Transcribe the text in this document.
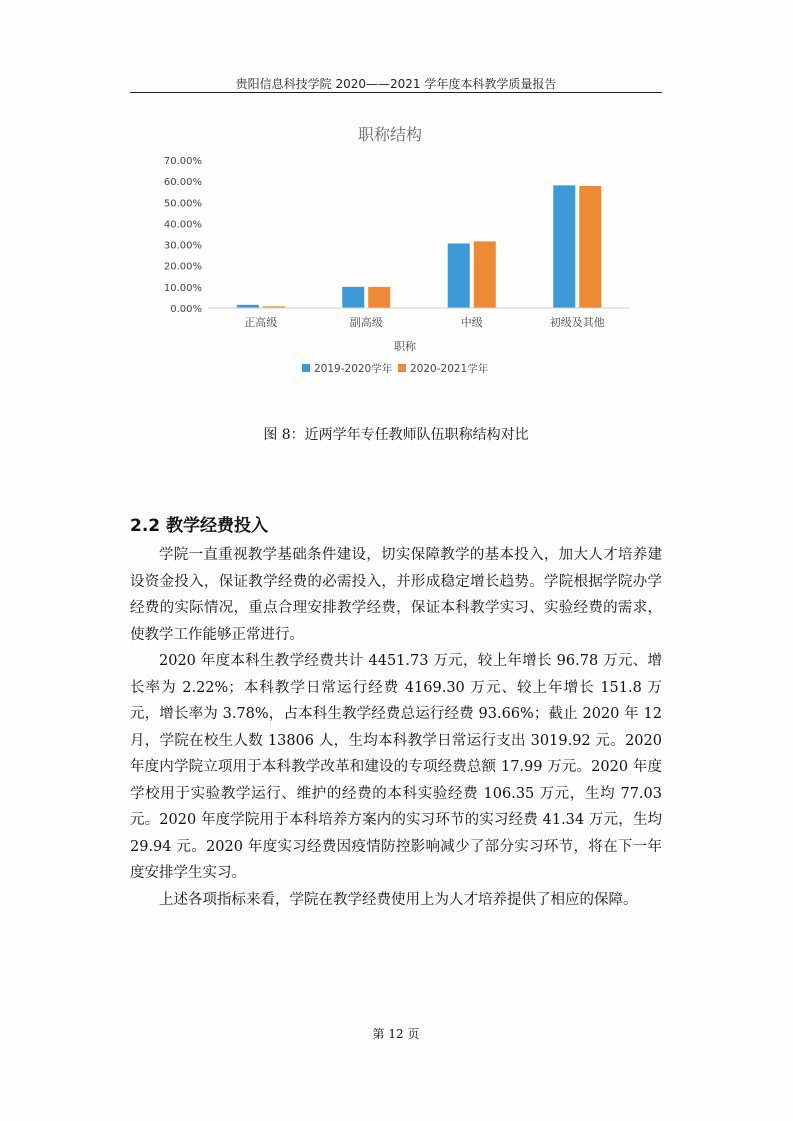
贵阳信息科技学院 2020——2021 学年度本科教学质量报告
职称结构
0.00%
10.00%
20.00%
30.00%
40.00%
50.00%
60.00%
70.00%
正高级	副高级	中级	初级及其他
职称
2019-2020学年 2020-2021学年
图 8：近两学年专任教师队伍职称结构对比
2.2 教学经费投入

学院一直重视教学基础条件建设，切实保障教学的基本投入，加大人才培养建设资金投入，保证教学经费的必需投入，并形成稳定增长趋势。学院根据学院办学经费的实际情况，重点合理安排教学经费，保证本科教学实习、实验经费的需求，使教学工作能够正常进行。

2020 年度本科生教学经费共计 4451.73 万元，较上年增长 96.78 万元、增长率为 2.22%；本科教学日常运行经费 4169.30 万元、较上年增长 151.8 万元，增长率为 3.78%，占本科生教学经费总运行经费 93.66%；截止 2020 年 12 月，学院在校生人数 13806 人，生均本科教学日常运行支出 3019.92 元。2020 年度内学院立项用于本科教学改革和建设的专项经费总额 17.99 万元。2020 年度学校用于实验教学运行、维护的经费的本科实验经费 106.35 万元，生均 77.03 元。2020 年度学院用于本科培养方案内的实习环节的实习经费 41.34 万元，生均 29.94 元。2020 年度实习经费因疫情防控影响减少了部分实习环节，将在下一年度安排学生实习。

上述各项指标来看，学院在教学经费使用上为人才培养提供了相应的保障。

第 12 页
